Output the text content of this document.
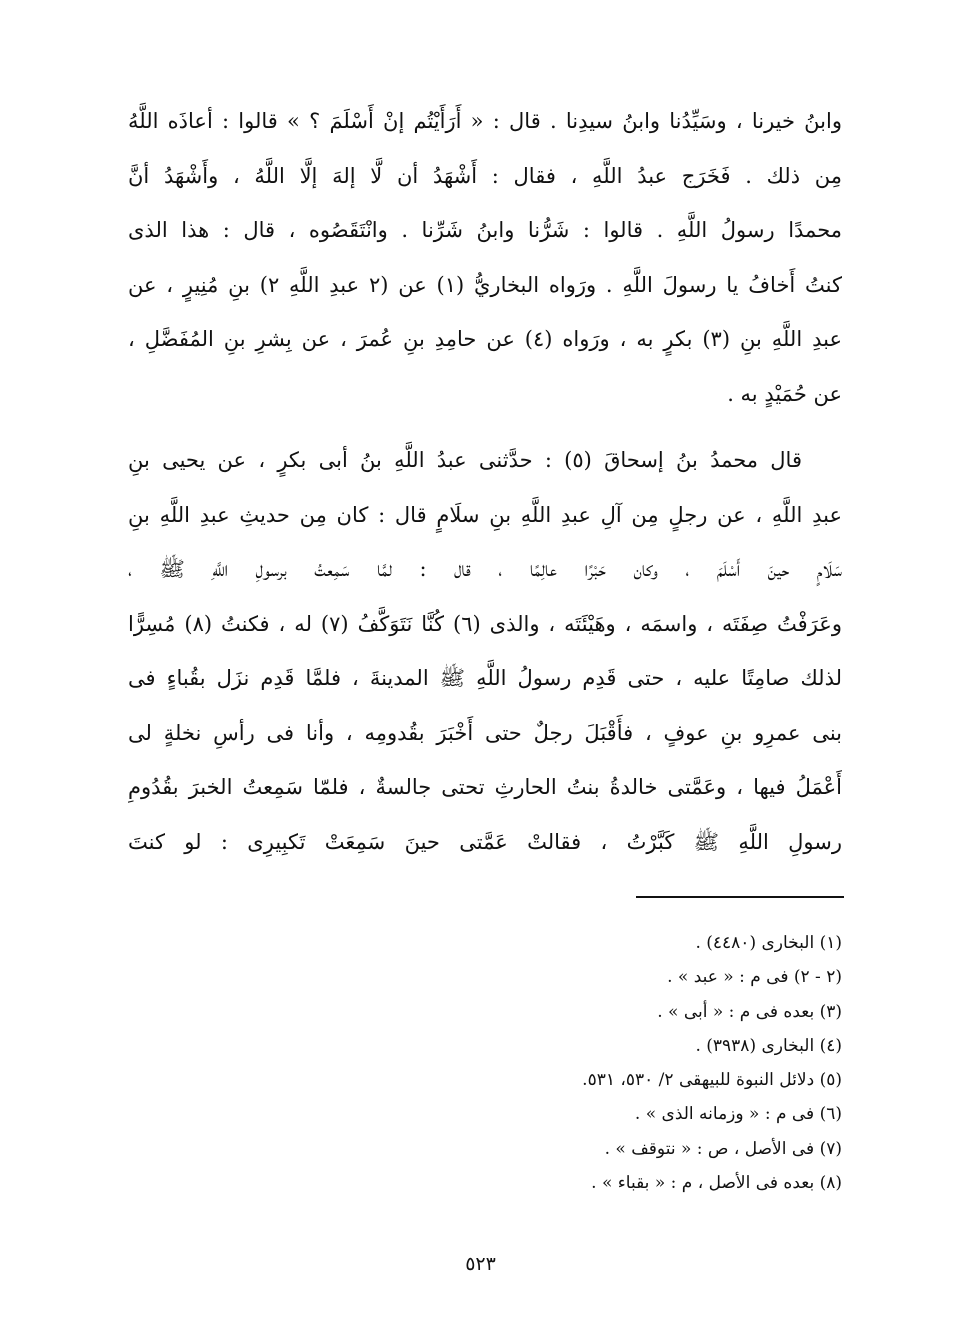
وابنُ خيرنا ، وسَيِّدُنا وابنُ سيدِنا . قال : « أَرَأَيْتُم إنْ أَسْلَمَ ؟ » قالوا : أعاذَه اللَّهُ
مِن ذلك . فَخَرَج عبدُ اللَّهِ ، فقال : أَشْهَدُ أن لَّا إلهَ إلَّا اللَّهُ ، وأَشْهَدُ أنَّ
محمدًا رسولُ اللَّهِ . قالوا : شَرُّنا وابنُ شَرِّنا . وانْتَقَصُوه ، قال : هذا الذى
كنتُ أَخافُ يا رسولَ اللَّهِ . ورَواه البخاريُّ (١) عن (٢ عبدِ اللَّهِ ٢) بنِ مُنِيرٍ ، عن
عبدِ اللَّهِ بنِ (٣) بكرٍ به ، ورَواه (٤) عن حامِدِ بنِ عُمرَ ، عن بِشرِ بنِ المُفَضَّلِ ،
عن حُمَيْدٍ به .
قال محمدُ بنُ إسحاقَ (٥) : حدَّثنى عبدُ اللَّهِ بنُ أبى بكرٍ ، عن يحيى بنِ
عبدِ اللَّهِ ، عن رجلٍ مِن آلِ عبدِ اللَّهِ بنِ سلَامٍ قال : كان مِن حديثِ عبدِ اللَّهِ بنِ
سَلَامٍ حينَ أَسْلَمَ ، وكان حَبْرًا عالِمًا ، قال : لمَّا سَمِعتُ برسولِ اللَّهِ ﷺ ،
وعَرَفْتُ صِفَتَه ، واسمَه ، وهَيْئَتَه ، والذى (٦) كُنَّا نَتَوَكَّفُ (٧) له ، فكنتُ (٨) مُسِرًّا
لذلك صامِتًا عليه ، حتى قَدِم رسولُ اللَّهِ ﷺ المدينةَ ، فلمَّا قَدِم نزَل بقُباءٍ فى
بنى عمرِو بنِ عوفٍ ، فأَقْبَلَ رجلٌ حتى أَخْبَرَ بقُدومِه ، وأنا فى رأسِ نخلةٍ لى
أَعْمَلُ فيها ، وعَمَّتى خالدةُ بنتُ الحارثِ تحتى جالسةٌ ، فلمّا سَمِعتُ الخبرَ بقُدُومِ
رسولِ اللَّهِ ﷺ كَبَّرْتُ ، فقالتْ عَمَّتى حينَ سَمِعَتْ تَكبِيرِى : لو كنتَ
(١) البخارى (٤٤٨٠) .
(٢ - ٢) فى م : « عبد » .
(٣) بعده فى م : « أبى » .
(٤) البخارى (٣٩٣٨) .
(٥) دلائل النبوة للبيهقى ٢/ ٥٣٠، ٥٣١.
(٦) فى م : « وزمانه الذى » .
(٧) فى الأصل ، ص : « نتوقف » .
(٨) بعده فى الأصل ، م : « بقباء » .
٥٢٣
